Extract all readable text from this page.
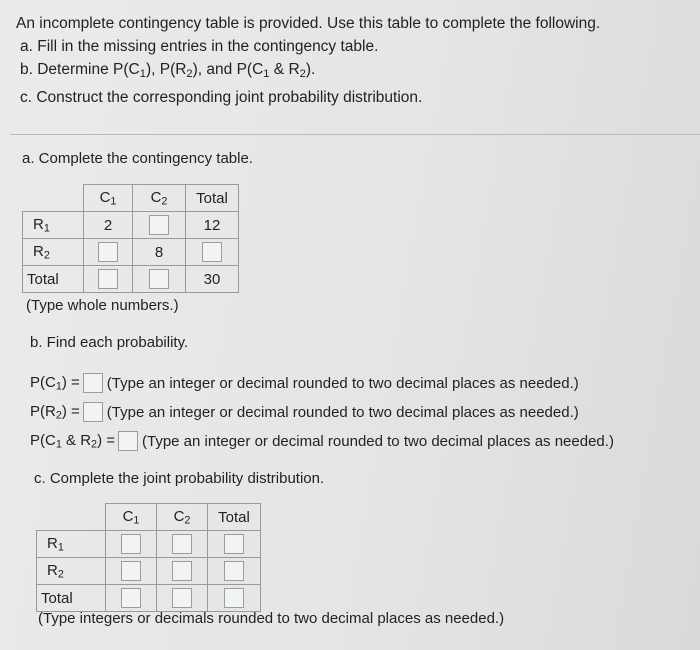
An incomplete contingency table is provided. Use this table to complete the following.
a. Fill in the missing entries in the contingency table.
b. Determine $P(C_1)$, $P(R_2)$, and $P(C_1$ & $R_2$).
c. Construct the corresponding joint probability distribution.
a. Complete the contingency table.
	$C_1$	$C_2$	Total
$R_1$	2		12
$R_2$		8	
Total			30
(Type whole numbers.)
b. Find each probability.
$P(C_1)$ = (Type an integer or decimal rounded to two decimal places as needed.)
$P(R_2)$ = (Type an integer or decimal rounded to two decimal places as needed.)
$P(C_1$ & $R_2$) = (Type an integer or decimal rounded to two decimal places as needed.)
c. Complete the joint probability distribution.
	$C_1$	$C_2$	Total
$R_1$			
$R_2$			
Total			
(Type integers or decimals rounded to two decimal places as needed.)
